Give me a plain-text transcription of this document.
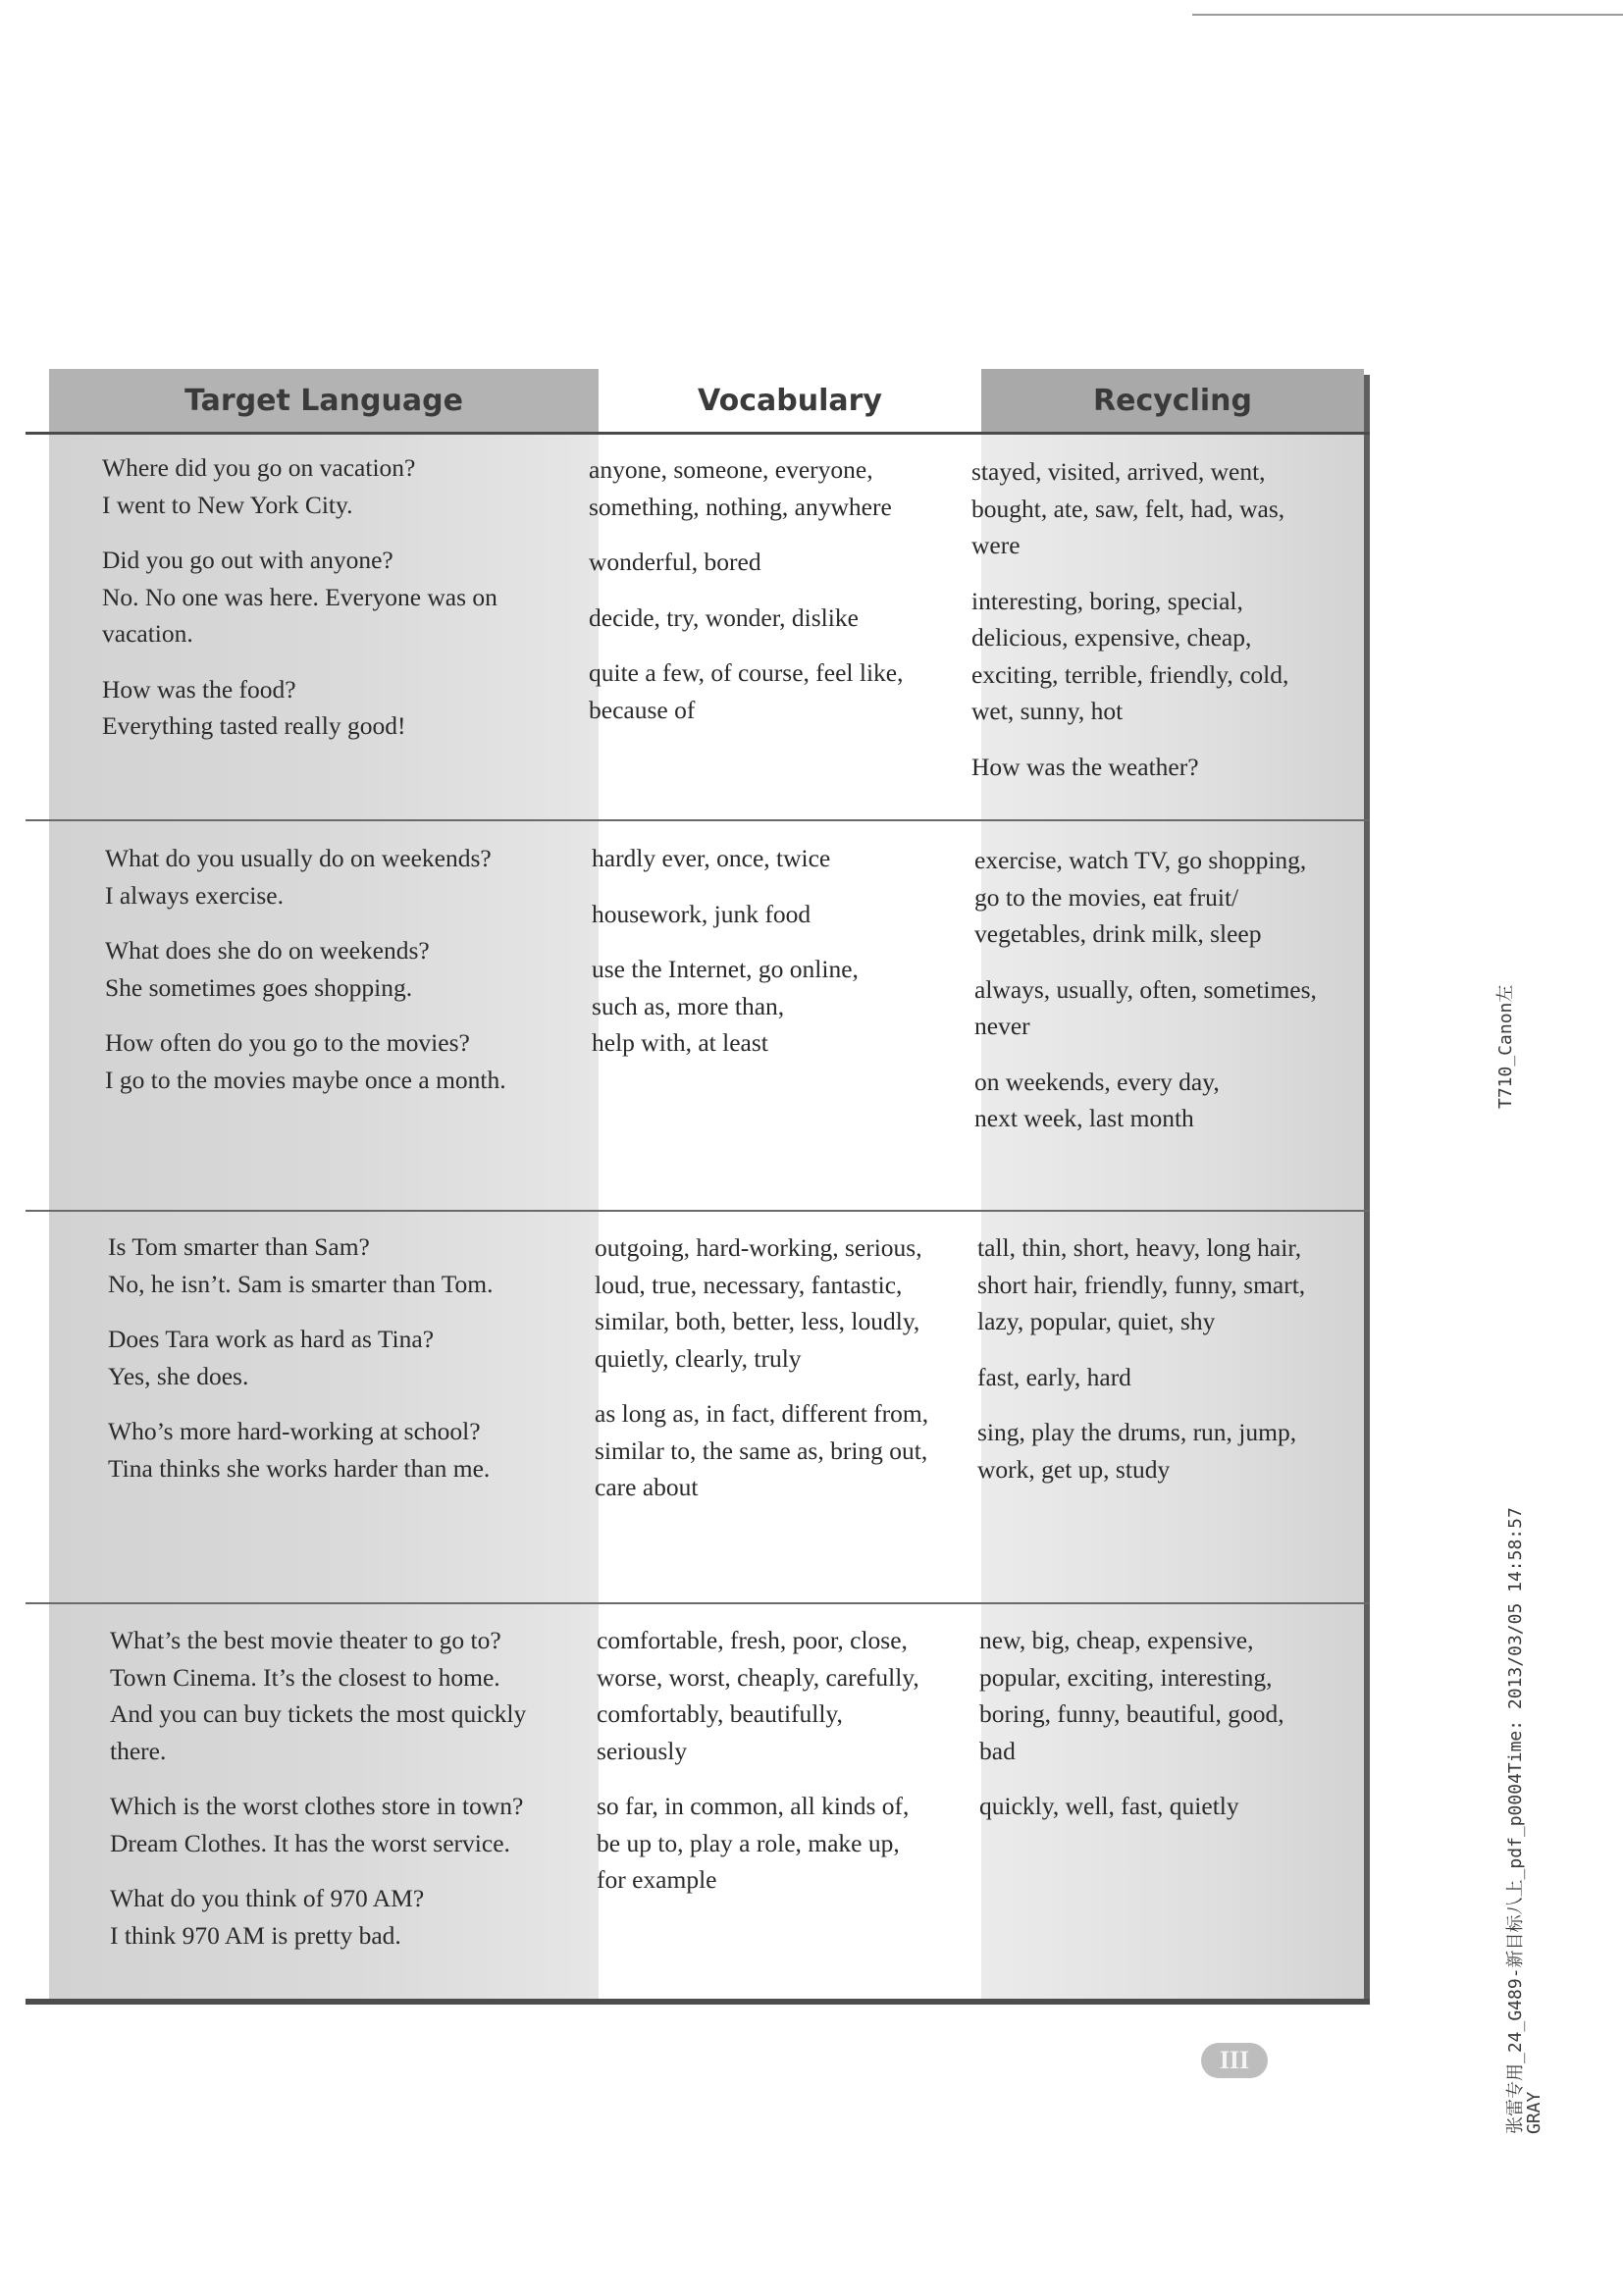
Target Language	Vocabulary	Recycling
Where did you go on vacation?
I went to New York City.
Did you go out with anyone?
No. No one was here. Everyone was on
vacation.
How was the food?
Everything tasted really good!
anyone, someone, everyone,
something, nothing, anywhere
wonderful, bored
decide, try, wonder, dislike
quite a few, of course, feel like,
because of
stayed, visited, arrived, went,
bought, ate, saw, felt, had, was,
were
interesting, boring, special,
delicious, expensive, cheap,
exciting, terrible, friendly, cold,
wet, sunny, hot
How was the weather?
What do you usually do on weekends?
I always exercise.
What does she do on weekends?
She sometimes goes shopping.
How often do you go to the movies?
I go to the movies maybe once a month.
hardly ever, once, twice
housework, junk food
use the Internet, go online,
such as, more than,
help with, at least
exercise, watch TV, go shopping,
go to the movies, eat fruit/
vegetables, drink milk, sleep
always, usually, often, sometimes,
never
on weekends, every day,
next week, last month
Is Tom smarter than Sam?
No, he isn’t. Sam is smarter than Tom.
Does Tara work as hard as Tina?
Yes, she does.
Who’s more hard-working at school?
Tina thinks she works harder than me.
outgoing, hard-working, serious,
loud, true, necessary, fantastic,
similar, both, better, less, loudly,
quietly, clearly, truly
as long as, in fact, different from,
similar to, the same as, bring out,
care about
tall, thin, short, heavy, long hair,
short hair, friendly, funny, smart,
lazy, popular, quiet, shy
fast, early, hard
sing, play the drums, run, jump,
work, get up, study
What’s the best movie theater to go to?
Town Cinema. It’s the closest to home.
And you can buy tickets the most quickly
there.
Which is the worst clothes store in town?
Dream Clothes. It has the worst service.
What do you think of 970 AM?
I think 970 AM is pretty bad.
comfortable, fresh, poor, close,
worse, worst, cheaply, carefully,
comfortably, beautifully,
seriously
so far, in common, all kinds of,
be up to, play a role, make up,
for example
new, big, cheap, expensive,
popular, exciting, interesting,
boring, funny, beautiful, good,
bad
quickly, well, fast, quietly
III
T710_Canon左
张雷专用_24_G489-新目标八上_pdf_p0004Time: 2013/03/05 14:58:57
GRAY
